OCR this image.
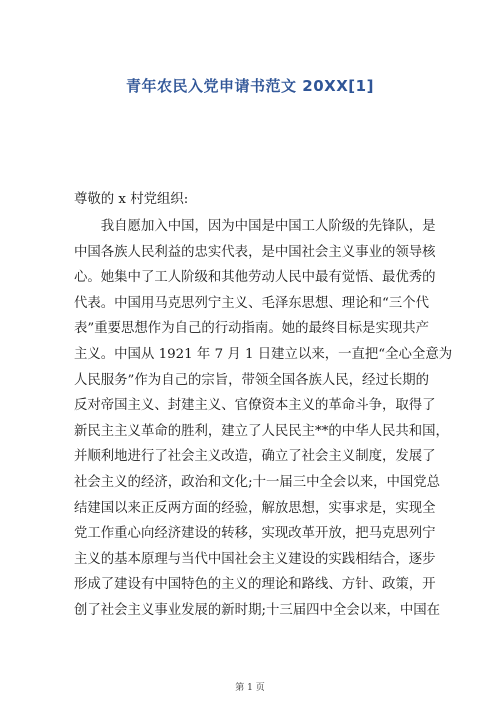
青年农民入党申请书范文 20XX[1]

尊敬的 x 村党组织:

　　我自愿加入中国，因为中国是中国工人阶级的先锋队，是

中国各族人民利益的忠实代表，是中国社会主义事业的领导核

心。她集中了工人阶级和其他劳动人民中最有觉悟、最优秀的

代表。中国用马克思列宁主义、毛泽东思想、理论和“三个代

表”重要思想作为自己的行动指南。她的最终目标是实现共产

主义。中国从 1921 年 7 月 1 日建立以来，一直把“全心全意为

人民服务”作为自己的宗旨，带领全国各族人民，经过长期的

反对帝国主义、封建主义、官僚资本主义的革命斗争，取得了

新民主主义革命的胜利，建立了人民民主**的中华人民共和国，

并顺利地进行了社会主义改造，确立了社会主义制度，发展了

社会主义的经济，政治和文化;十一届三中全会以来，中国党总

结建国以来正反两方面的经验，解放思想，实事求是，实现全

党工作重心向经济建设的转移，实现改革开放，把马克思列宁

主义的基本原理与当代中国社会主义建设的实践相结合，逐步

形成了建设有中国特色的主义的理论和路线、方针、政策，开

创了社会主义事业发展的新时期;十三届四中全会以来，中国在

第 1 页
